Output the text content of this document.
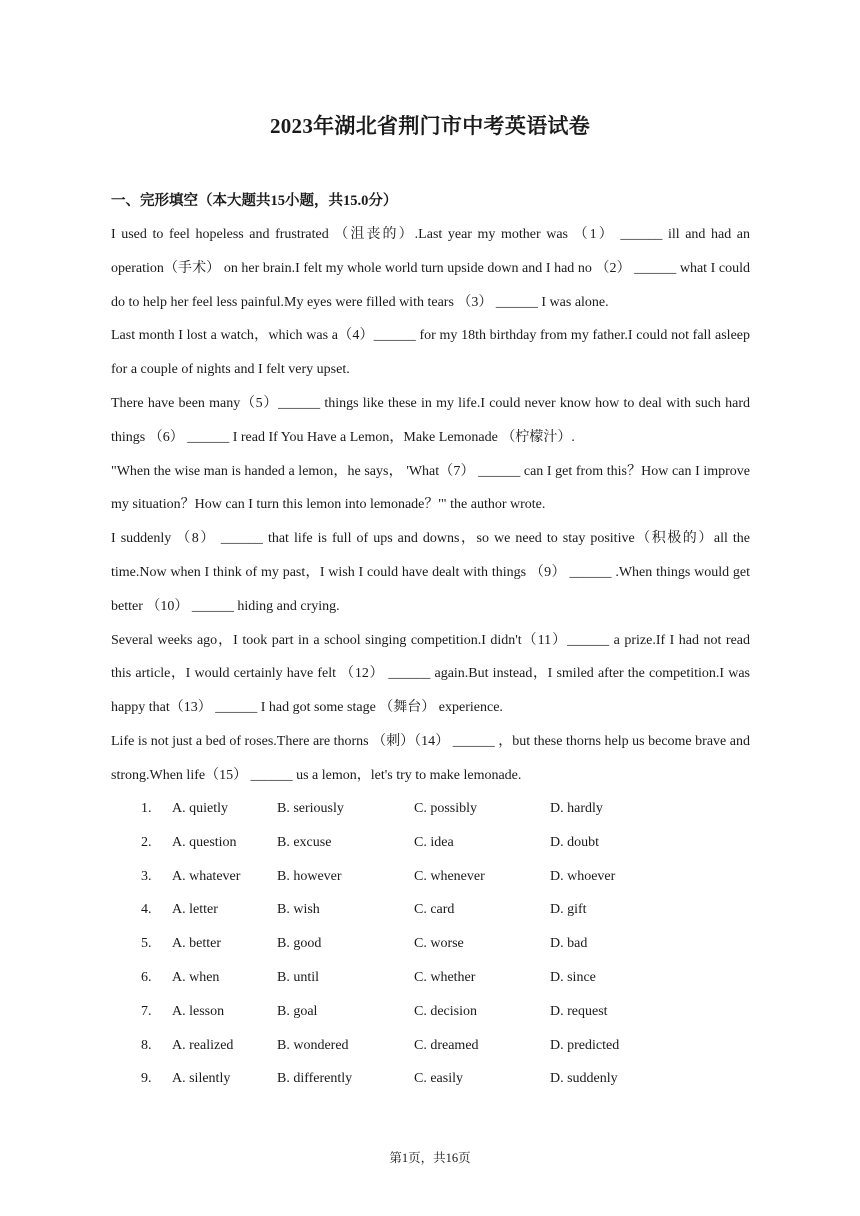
2023年湖北省荆门市中考英语试卷
一、完形填空（本大题共15小题，共15.0分）

I used to feel hopeless and frustrated （沮丧的）.Last year my mother was （1） ______ ill and had an operation（手术） on her brain.I felt my whole world turn upside down and I had no （2） ______ what I could do to help her feel less painful.My eyes were filled with tears （3） ______ I was alone.

Last month I lost a watch，which was a（4）______ for my 18th birthday from my father.I could not fall asleep for a couple of nights and I felt very upset.

There have been many（5）______ things like these in my life.I could never know how to deal with such hard things （6） ______ I read If You Have a Lemon，Make Lemonade （柠檬汁）.

"When the wise man is handed a lemon，he says， 'What（7） ______ can I get from this？How can I improve my situation？How can I turn this lemon into lemonade？'" the author wrote.

I suddenly （8） ______ that life is full of ups and downs，so we need to stay positive（积极的）all the time.Now when I think of my past，I wish I could have dealt with things （9） ______ .When things would get better （10） ______ hiding and crying.

Several weeks ago，I took part in a school singing competition.I didn't（11）______ a prize.If I had not read this article，I would certainly have felt （12） ______ again.But instead，I smiled after the competition.I was happy that（13） ______ I had got some stage （舞台） experience.

Life is not just a bed of roses.There are thorns （刺）（14） ______ ，but these thorns help us become brave and strong.When life（15） ______ us a lemon，let's try to make lemonade.

1. A. quietly	B. seriously	C. possibly	D. hardly
2. A. question	B. excuse	C. idea	D. doubt
3. A. whatever	B. however	C. whenever	D. whoever
4. A. letter	B. wish	C. card	D. gift
5. A. better	B. good	C. worse	D. bad
6. A. when	B. until	C. whether	D. since
7. A. lesson	B. goal	C. decision	D. request
8. A. realized	B. wondered	C. dreamed	D. predicted
9. A. silently	B. differently	C. easily	D. suddenly
第1页，共16页
